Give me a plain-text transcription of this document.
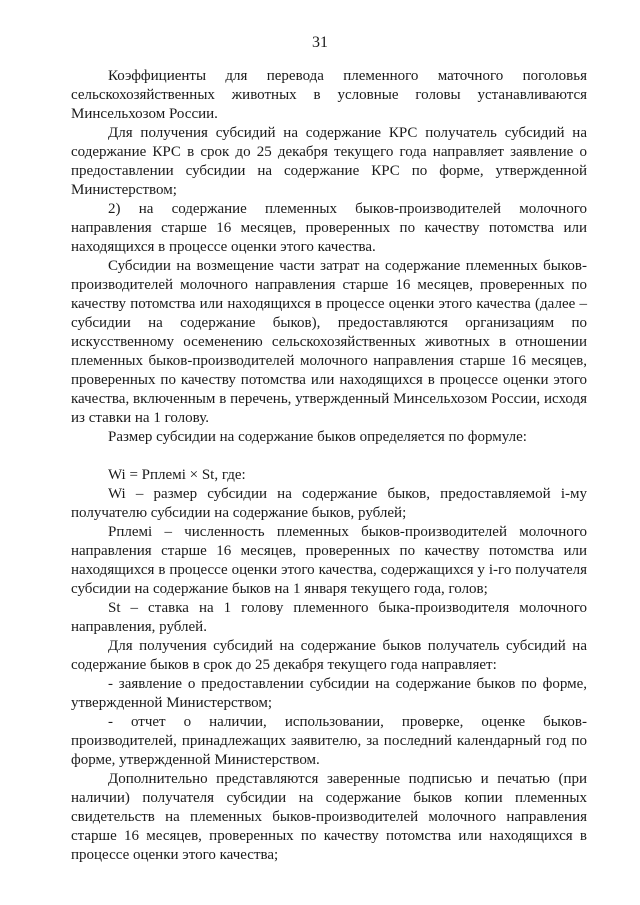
31

Коэффициенты для перевода племенного маточного поголовья сельскохозяйственных животных в условные головы устанавливаются Минсельхозом России.

Для получения субсидий на содержание КРС получатель субсидий на содержание КРС в срок до 25 декабря текущего года направляет заявление о предоставлении субсидии на содержание КРС по форме, утвержденной Министерством;

2) на содержание племенных быков-производителей молочного направления старше 16 месяцев, проверенных по качеству потомства или находящихся в процессе оценки этого качества.

Субсидии на возмещение части затрат на содержание племенных быков-производителей молочного направления старше 16 месяцев, проверенных по качеству потомства или находящихся в процессе оценки этого качества (далее – субсидии на содержание быков), предоставляются организациям по искусственному осеменению сельскохозяйственных животных в отношении племенных быков-производителей молочного направления старше 16 месяцев, проверенных по качеству потомства или находящихся в процессе оценки этого качества, включенным в перечень, утвержденный Минсельхозом России, исходя из ставки на 1 голову.

Размер субсидии на содержание быков определяется по формуле:

Wi = Рплемi × St, где:

Wi – размер субсидии на содержание быков, предоставляемой i-му получателю субсидии на содержание быков, рублей;

Рплемi – численность племенных быков-производителей молочного направления старше 16 месяцев, проверенных по качеству потомства или находящихся в процессе оценки этого качества, содержащихся у i-го получателя субсидии на содержание быков на 1 января текущего года, голов;

St – ставка на 1 голову племенного быка-производителя молочного направления, рублей.

Для получения субсидий на содержание быков получатель субсидий на содержание быков в срок до 25 декабря текущего года направляет:

- заявление о предоставлении субсидии на содержание быков по форме, утвержденной Министерством;

- отчет о наличии, использовании, проверке, оценке быков-производителей, принадлежащих заявителю, за последний календарный год по форме, утвержденной Министерством.

Дополнительно представляются заверенные подписью и печатью (при наличии) получателя субсидии на содержание быков копии племенных свидетельств на племенных быков-производителей молочного направления старше 16 месяцев, проверенных по качеству потомства или находящихся в процессе оценки этого качества;
